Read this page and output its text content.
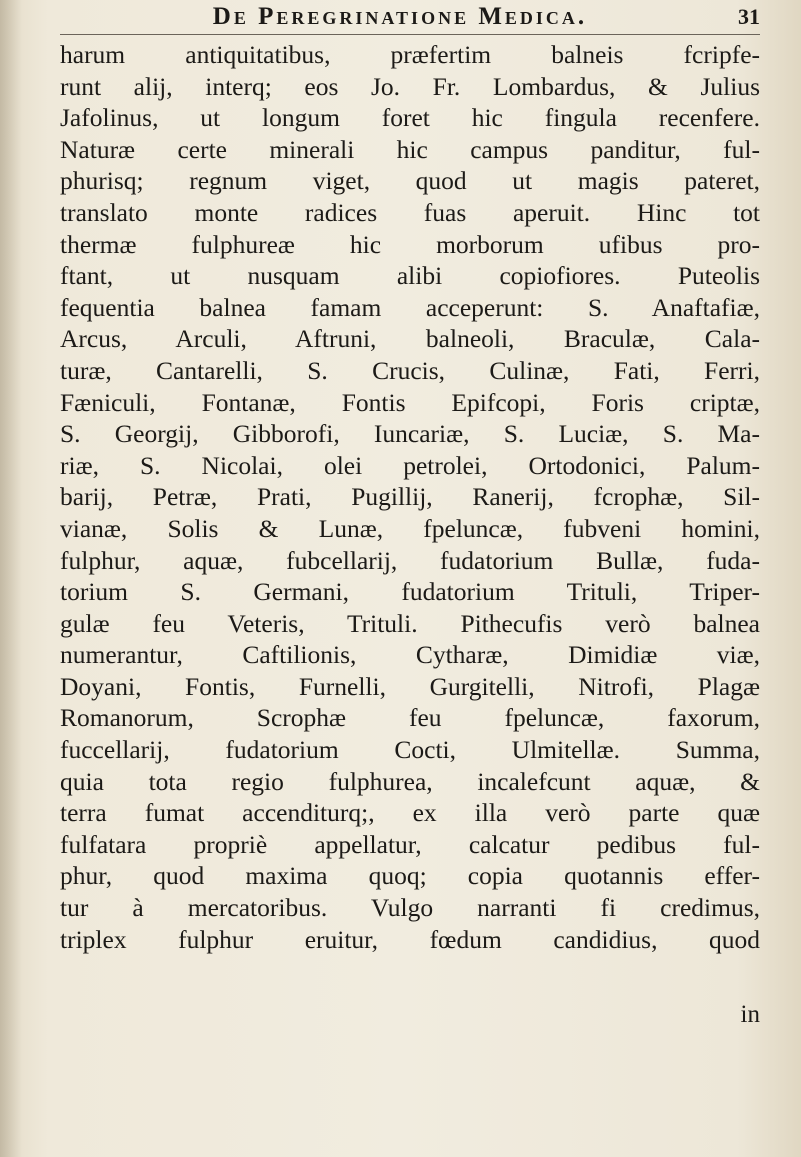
De Peregrinatione Medica.	31
harum antiquitatibus, præfertim balneis fcripfe-
runt alij, interq; eos Jo. Fr. Lombardus, & Julius
Jafolinus, ut longum foret hic fingula recenfere.
Naturæ certe minerali hic campus panditur, ful-
phurisq; regnum viget, quod ut magis pateret,
translato monte radices fuas aperuit. Hinc tot
thermæ fulphureæ hic morborum ufibus pro-
ftant, ut nusquam alibi copiofiores. Puteolis
fequentia balnea famam acceperunt: S. Anaftafiæ,
Arcus, Arculi, Aftruni, balneoli, Braculæ, Cala-
turæ, Cantarelli, S. Crucis, Culinæ, Fati, Ferri,
Fæniculi, Fontanæ, Fontis Epifcopi, Foris criptæ,
S. Georgij, Gibborofi, Iuncariæ, S. Luciæ, S. Ma-
riæ, S. Nicolai, olei petrolei, Ortodonici, Palum-
barij, Petræ, Prati, Pugillij, Ranerij, fcrophæ, Sil-
vianæ, Solis & Lunæ, fpeluncæ, fubveni homini,
fulphur, aquæ, fubcellarij, fudatorium Bullæ, fuda-
torium S. Germani, fudatorium Trituli, Triper-
gulæ feu Veteris, Trituli. Pithecufis verò balnea
numerantur, Caftilionis, Cytharæ, Dimidiæ viæ,
Doyani, Fontis, Furnelli, Gurgitelli, Nitrofi, Plagæ
Romanorum, Scrophæ feu fpeluncæ, faxorum,
fuccellarij, fudatorium Cocti, Ulmitellæ. Summa,
quia tota regio fulphurea, incalefcunt aquæ, &
terra fumat accenditurq;, ex illa verò parte quæ
fulfatara propriè appellatur, calcatur pedibus ful-
phur, quod maxima quoq; copia quotannis effer-
tur à mercatoribus. Vulgo narranti fi credimus,
triplex fulphur eruitur, fœdum candidius, quod
in
